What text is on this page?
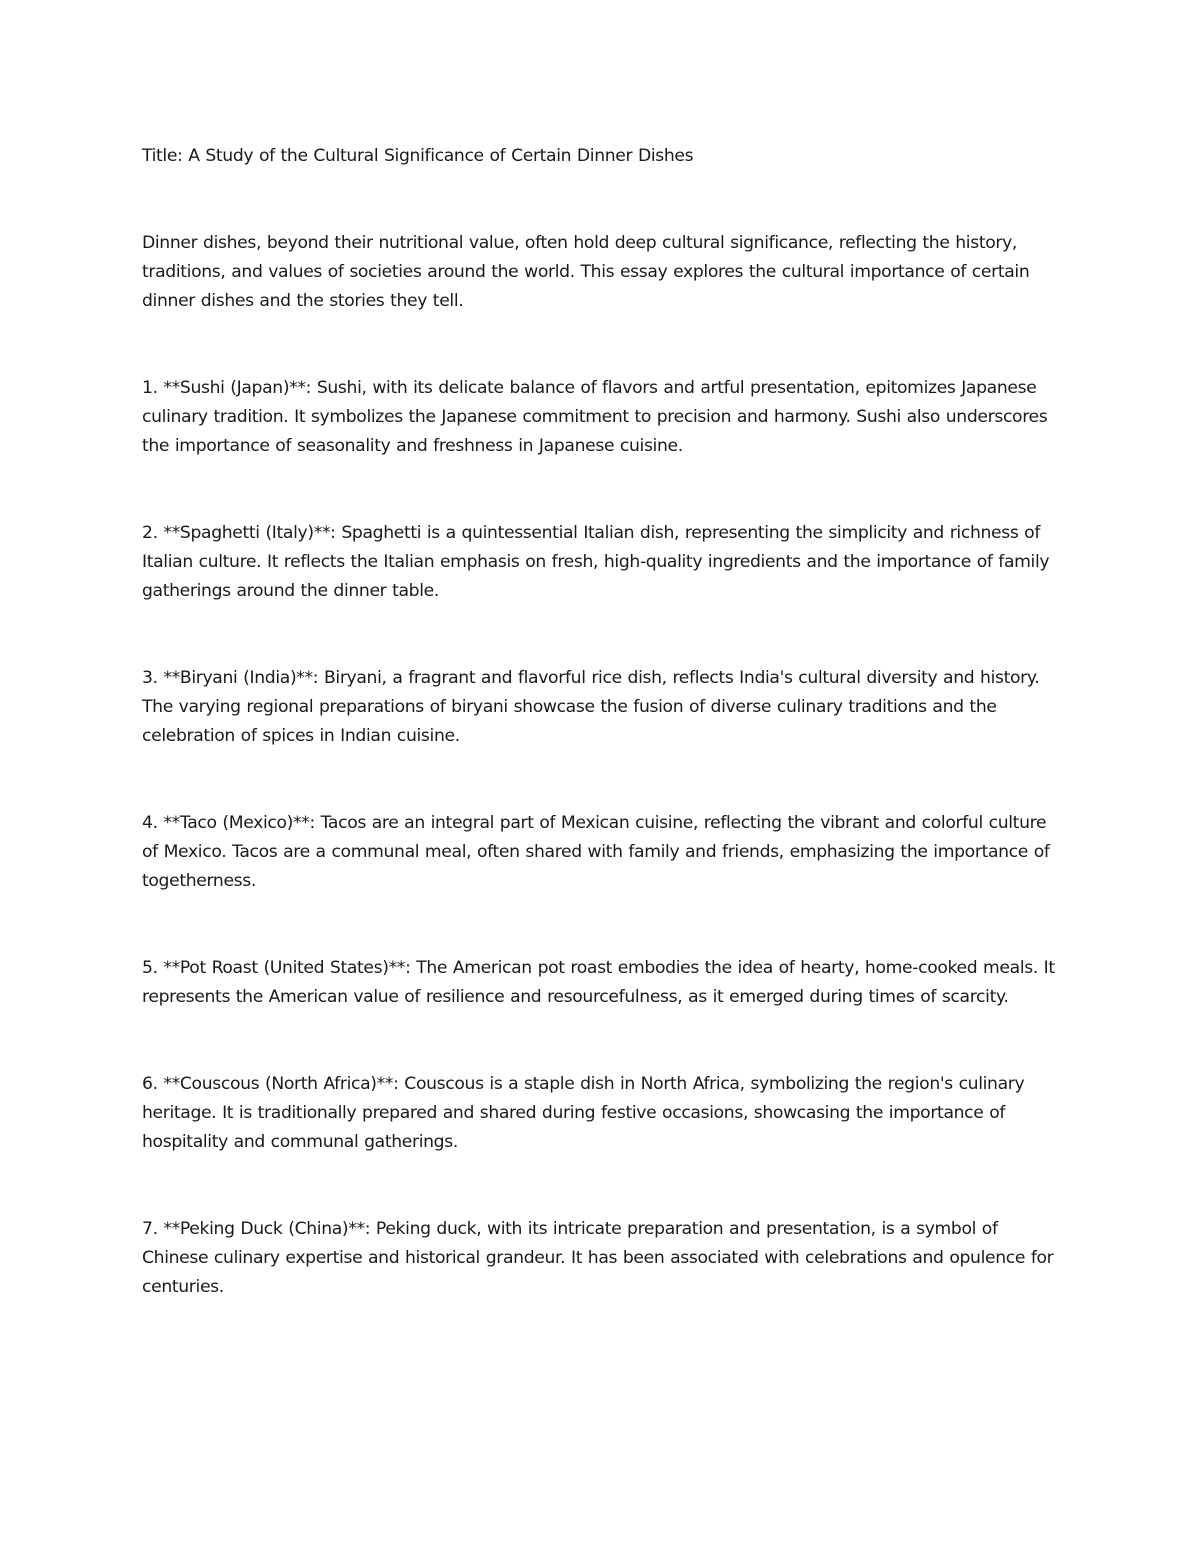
Title: A Study of the Cultural Significance of Certain Dinner Dishes

Dinner dishes, beyond their nutritional value, often hold deep cultural significance, reflecting the history, traditions, and values of societies around the world. This essay explores the cultural importance of certain dinner dishes and the stories they tell.

1. **Sushi (Japan)**: Sushi, with its delicate balance of flavors and artful presentation, epitomizes Japanese culinary tradition. It symbolizes the Japanese commitment to precision and harmony. Sushi also underscores the importance of seasonality and freshness in Japanese cuisine.
2. **Spaghetti (Italy)**: Spaghetti is a quintessential Italian dish, representing the simplicity and richness of Italian culture. It reflects the Italian emphasis on fresh, high-quality ingredients and the importance of family gatherings around the dinner table.
3. **Biryani (India)**: Biryani, a fragrant and flavorful rice dish, reflects India's cultural diversity and history. The varying regional preparations of biryani showcase the fusion of diverse culinary traditions and the celebration of spices in Indian cuisine.
4. **Taco (Mexico)**: Tacos are an integral part of Mexican cuisine, reflecting the vibrant and colorful culture of Mexico. Tacos are a communal meal, often shared with family and friends, emphasizing the importance of togetherness.
5. **Pot Roast (United States)**: The American pot roast embodies the idea of hearty, home-cooked meals. It represents the American value of resilience and resourcefulness, as it emerged during times of scarcity.
6. **Couscous (North Africa)**: Couscous is a staple dish in North Africa, symbolizing the region's culinary heritage. It is traditionally prepared and shared during festive occasions, showcasing the importance of hospitality and communal gatherings.
7. **Peking Duck (China)**: Peking duck, with its intricate preparation and presentation, is a symbol of Chinese culinary expertise and historical grandeur. It has been associated with celebrations and opulence for centuries.
